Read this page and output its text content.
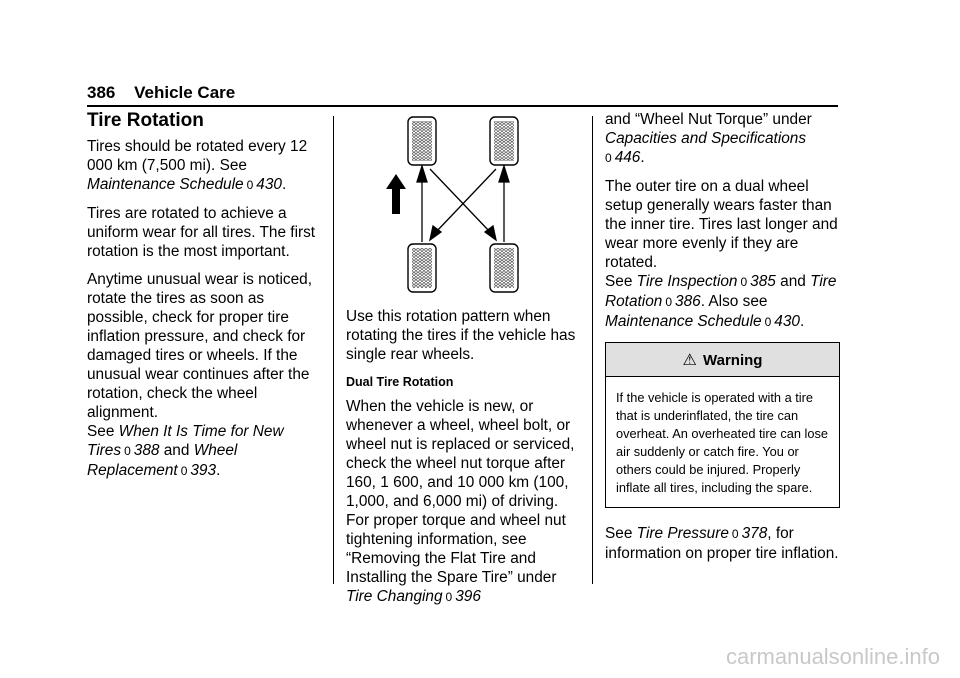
386 Vehicle Care
Tire Rotation

Tires should be rotated every 12 000 km (7,500 mi). See Maintenance Schedule 0 430.

Tires are rotated to achieve a uniform wear for all tires. The first rotation is the most important.

Anytime unusual wear is noticed, rotate the tires as soon as possible, check for proper tire inflation pressure, and check for damaged tires or wheels. If the unusual wear continues after the rotation, check the wheel alignment.
See When It Is Time for New Tires 0 388 and Wheel Replacement 0 393.

Use this rotation pattern when rotating the tires if the vehicle has single rear wheels.

Dual Tire Rotation

When the vehicle is new, or whenever a wheel, wheel bolt, or wheel nut is replaced or serviced, check the wheel nut torque after 160, 1 600, and 10 000 km (100, 1,000, and 6,000 mi) of driving. For proper torque and wheel nut tightening information, see “Removing the Flat Tire and Installing the Spare Tire” under Tire Changing 0 396

and “Wheel Nut Torque” under Capacities and Specifications
0 446.

The outer tire on a dual wheel setup generally wears faster than the inner tire. Tires last longer and wear more evenly if they are rotated.
See Tire Inspection 0 385 and Tire Rotation 0 386. Also see Maintenance Schedule 0 430.

⚠ Warning
If the vehicle is operated with a tire that is underinflated, the tire can overheat. An overheated tire can lose air suddenly or catch fire. You or others could be injured. Properly inflate all tires, including the spare.

See Tire Pressure 0 378, for information on proper tire inflation.

carmanualsonline.info
